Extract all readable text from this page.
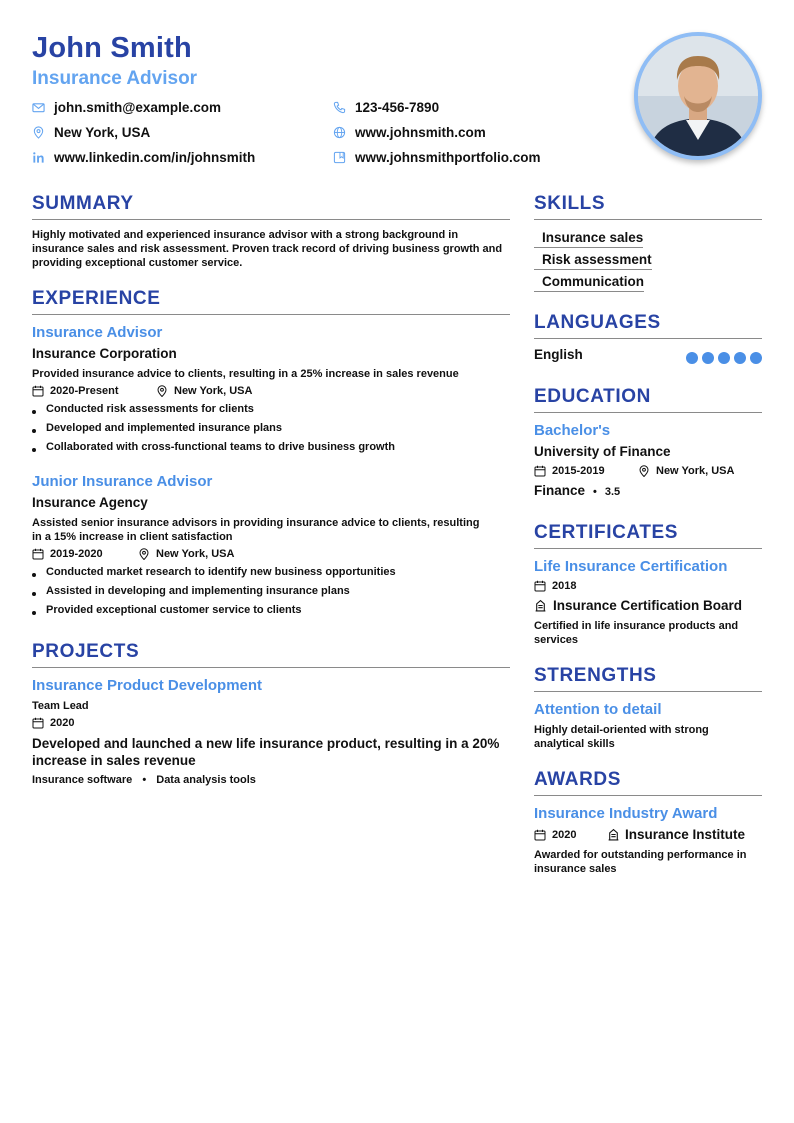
John Smith
Insurance Advisor
john.smith@example.com	123-456-7890
New York, USA	www.johnsmith.com
www.linkedin.com/in/johnsmith	www.johnsmithportfolio.com
SUMMARY
Highly motivated and experienced insurance advisor with a strong background in insurance sales and risk assessment. Proven track record of driving business growth and providing exceptional customer service.
EXPERIENCE
Insurance Advisor
Insurance Corporation
Provided insurance advice to clients, resulting in a 25% increase in sales revenue
2020-Present	New York, USA
Conducted risk assessments for clients
Developed and implemented insurance plans
Collaborated with cross-functional teams to drive business growth
Junior Insurance Advisor
Insurance Agency
Assisted senior insurance advisors in providing insurance advice to clients, resulting in a 15% increase in client satisfaction
2019-2020	New York, USA
Conducted market research to identify new business opportunities
Assisted in developing and implementing insurance plans
Provided exceptional customer service to clients
PROJECTS
Insurance Product Development
Team Lead
2020
Developed and launched a new life insurance product, resulting in a 20% increase in sales revenue
Insurance software • Data analysis tools
SKILLS
Insurance sales
Risk assessment
Communication
LANGUAGES
English
EDUCATION
Bachelor's
University of Finance
2015-2019	New York, USA
Finance • 3.5
CERTIFICATES
Life Insurance Certification
2018
Insurance Certification Board
Certified in life insurance products and services
STRENGTHS
Attention to detail
Highly detail-oriented with strong analytical skills
AWARDS
Insurance Industry Award
2020	Insurance Institute
Awarded for outstanding performance in insurance sales
